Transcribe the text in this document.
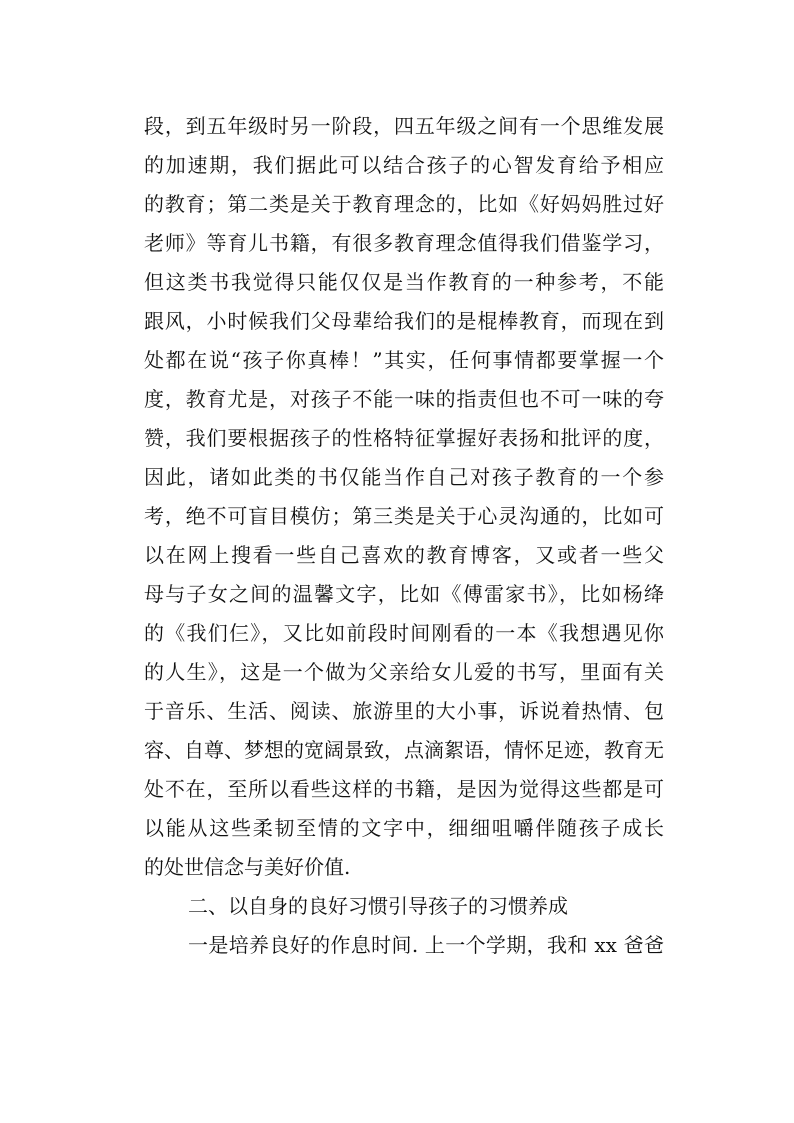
段，到五年级时另一阶段，四五年级之间有一个思维发展
的加速期，我们据此可以结合孩子的心智发育给予相应
的教育；第二类是关于教育理念的，比如《好妈妈胜过好
老师》等育儿书籍，有很多教育理念值得我们借鉴学习，
但这类书我觉得只能仅仅是当作教育的一种参考，不能
跟风，小时候我们父母辈给我们的是棍棒教育，而现在到
处都在说“孩子你真棒！”其实，任何事情都要掌握一个
度，教育尤是，对孩子不能一味的指责但也不可一味的夸
赞，我们要根据孩子的性格特征掌握好表扬和批评的度，
因此，诸如此类的书仅能当作自己对孩子教育的一个参
考，绝不可盲目模仿；第三类是关于心灵沟通的，比如可
以在网上搜看一些自己喜欢的教育博客，又或者一些父
母与子女之间的温馨文字，比如《傅雷家书》，比如杨绛
的《我们仨》，又比如前段时间刚看的一本《我想遇见你
的人生》，这是一个做为父亲给女儿爱的书写，里面有关
于音乐、生活、阅读、旅游里的大小事，诉说着热情、包
容、自尊、梦想的宽阔景致，点滴絮语，情怀足迹，教育无
处不在，至所以看些这样的书籍，是因为觉得这些都是可
以能从这些柔韧至情的文字中，细细咀嚼伴随孩子成长
的处世信念与美好价值.
二、以自身的良好习惯引导孩子的习惯养成
一是培养良好的作息时间. 上一个学期，我和 xx 爸爸
